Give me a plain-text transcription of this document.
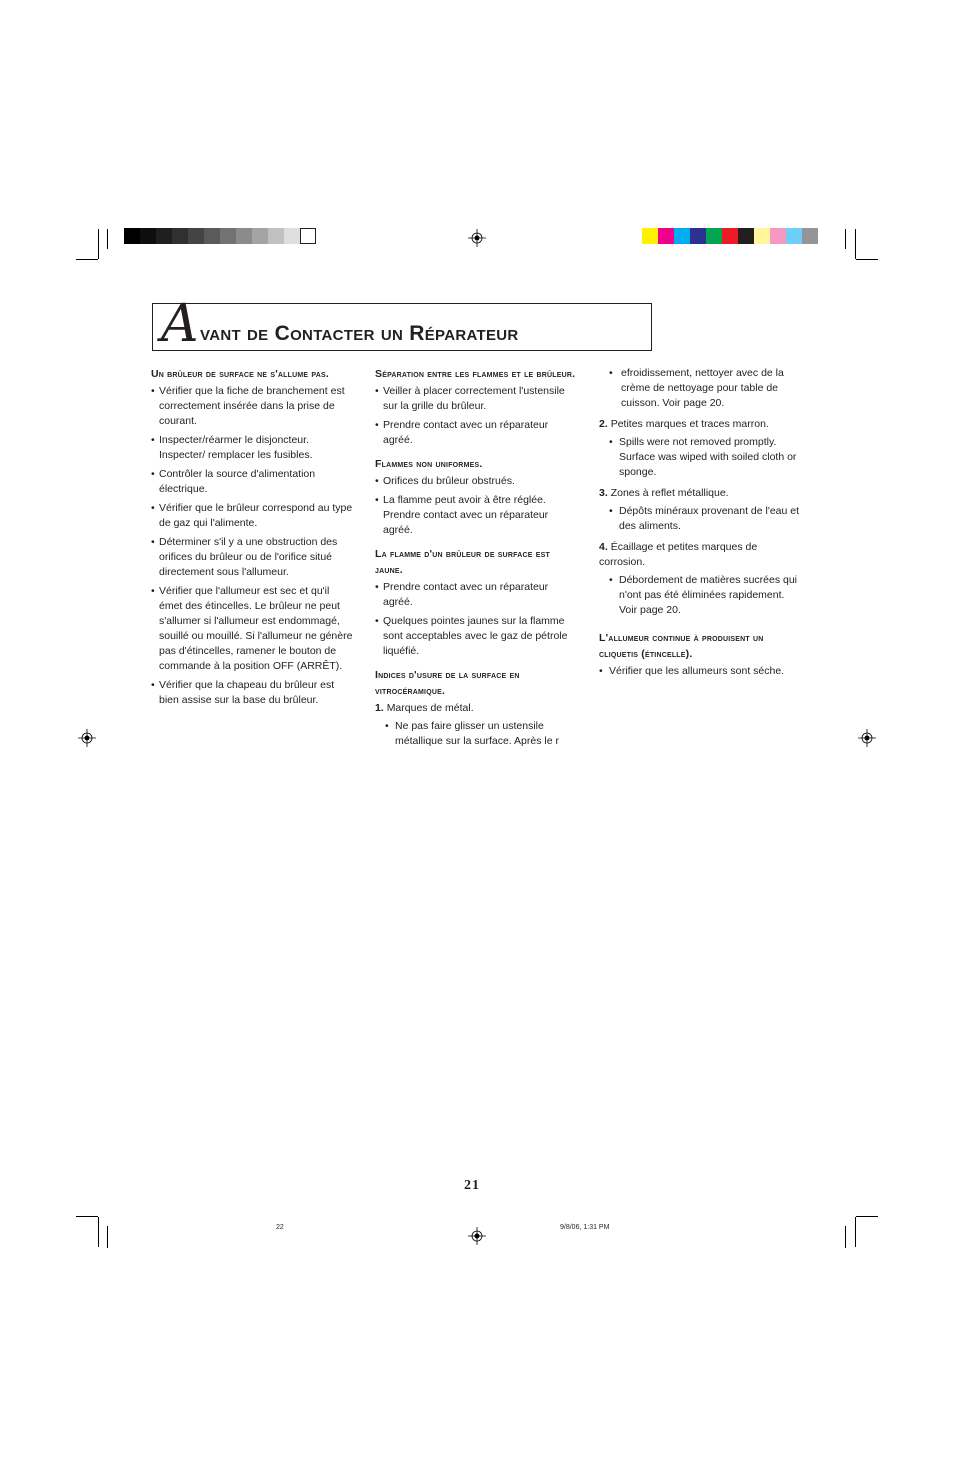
A vant de Contacter un Réparateur
Un brûleur de surface ne s'allume pas.
• Vérifier que la fiche de branchement est correctement insérée dans la prise de courant.
• Inspecter/réarmer le disjoncteur. Inspecter/ remplacer les fusibles.
• Contrôler la source d'alimentation électrique.
• Vérifier que le brûleur correspond au type de gaz qui l'alimente.
• Déterminer s'il y a une obstruction des orifices du brûleur ou de l'orifice situé directement sous l'allumeur.
• Vérifier que l'allumeur est sec et qu'il émet des étincelles. Le brûleur ne peut s'allumer si l'allumeur est endommagé, souillé ou mouillé. Si l'allumeur ne génère pas d'étincelles, ramener le bouton de commande à la position OFF (ARRÊT).
• Vérifier que la chapeau du brûleur est bien assise sur la base du brûleur.
Séparation entre les flammes et le brûleur.
• Veiller à placer correctement l'ustensile sur la grille du brûleur.
• Prendre contact avec un réparateur agréé.
Flammes non uniformes.
• Orifices du brûleur obstrués.
• La flamme peut avoir à être réglée. Prendre contact avec un réparateur agréé.
La flamme d'un brûleur de surface est jaune.
• Prendre contact avec un réparateur agréé.
• Quelques pointes jaunes sur la flamme sont acceptables avec le gaz de pétrole liquéfié.
Indices d'usure de la surface en vitrocéramique.

1. Marques de métal.

• Ne pas faire glisser un ustensile métallique sur la surface. Après le r

• efroidissement, nettoyer avec de la crème de nettoyage pour table de cuisson. Voir page 20.

2. Petites marques et traces marron.

• Spills were not removed promptly. Surface was wiped with soiled cloth or sponge.

3. Zones à reflet métallique.

• Dépôts minéraux provenant de l'eau et des aliments.

4. Écaillage et petites marques de corrosion.

• Débordement de matières sucrées qui n'ont pas été éliminées rapidement. Voir page 20.

L'allumeur continue à produisent un cliquetis (étincelle).
• Vérifier que les allumeurs sont séche.
21
22	9/8/06, 1:31 PM
